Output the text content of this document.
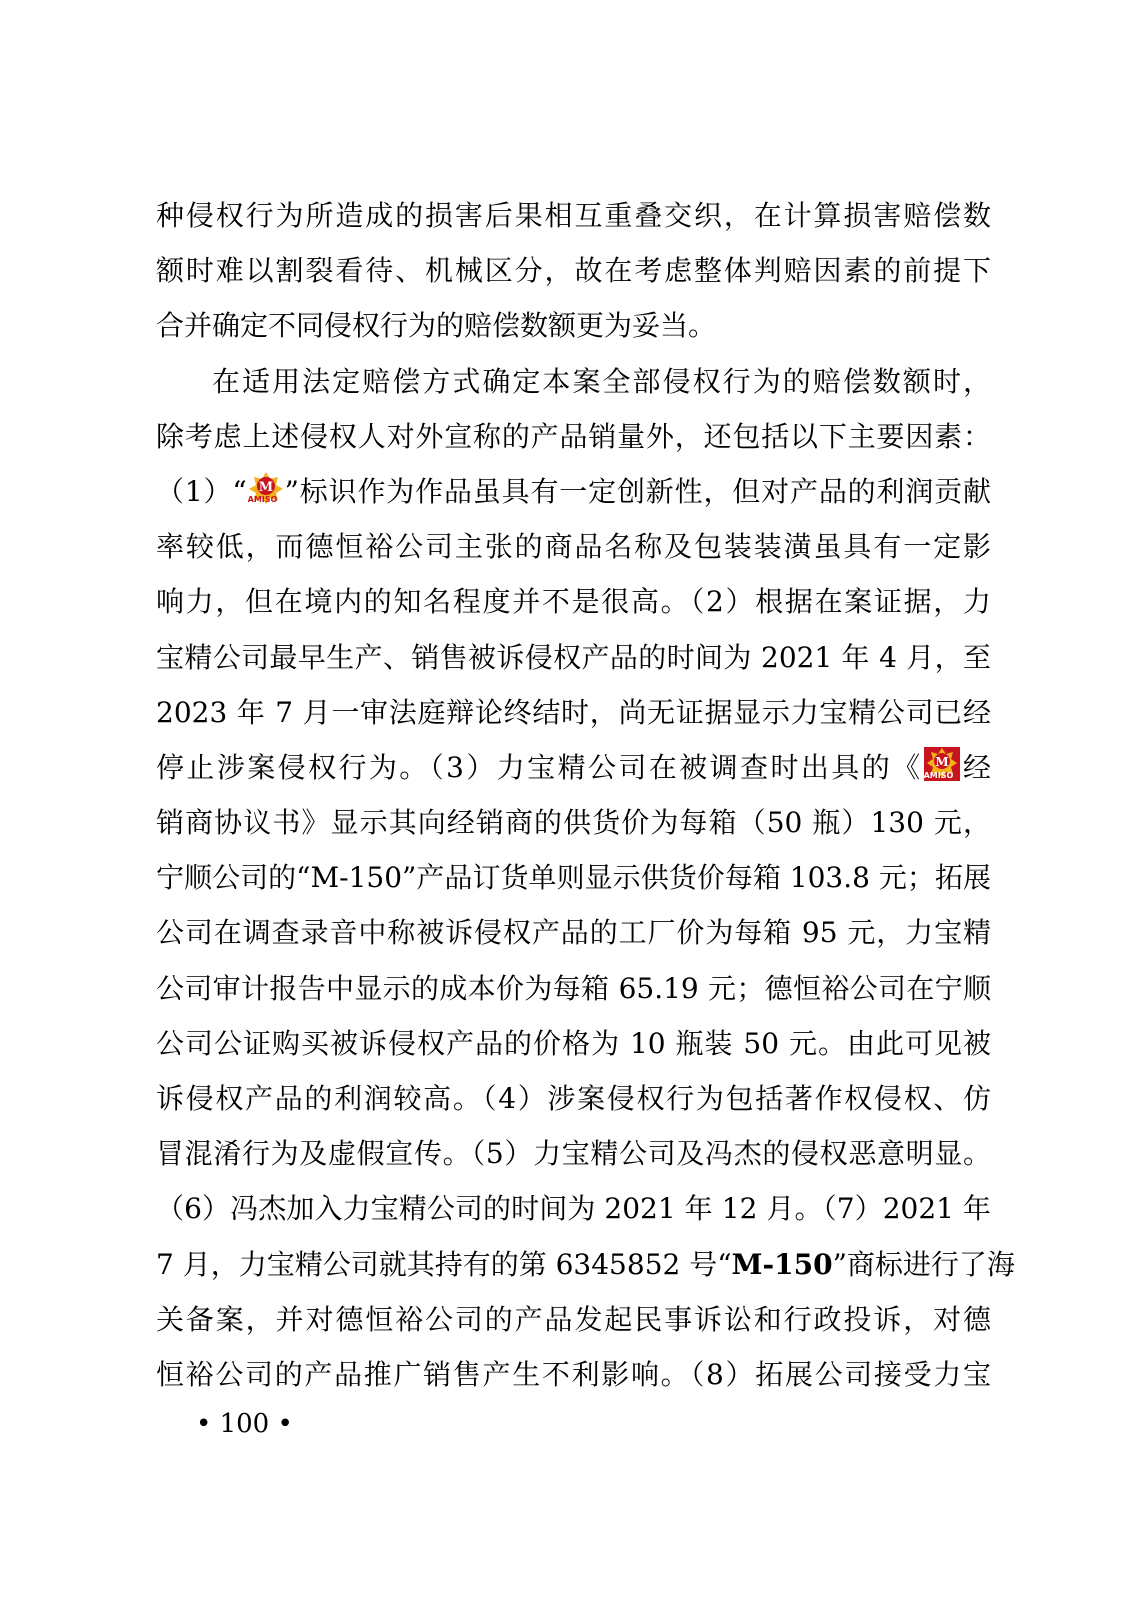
种侵权行为所造成的损害后果相互重叠交织，在计算损害赔偿数
额时难以割裂看待、机械区分，故在考虑整体判赔因素的前提下
合并确定不同侵权行为的赔偿数额更为妥当。
在适用法定赔偿方式确定本案全部侵权行为的赔偿数额时，
除考虑上述侵权人对外宣称的产品销量外，还包括以下主要因素：
（1）“ M
AMISO ”标识作为作品虽具有一定创新性，但对产品的利润贡献
率较低，而德恒裕公司主张的商品名称及包装装潢虽具有一定影
响力，但在境内的知名程度并不是很高。（2）根据在案证据，力
宝精公司最早生产、销售被诉侵权产品的时间为 2021 年 4 月，至
2023 年 7 月一审法庭辩论终结时，尚无证据显示力宝精公司已经
停止涉案侵权行为。（3）力宝精公司在被调查时出具的《 M
AMISO 经
销商协议书》显示其向经销商的供货价为每箱（50 瓶）130 元，
宁顺公司的“M-150”产品订货单则显示供货价每箱 103.8 元；拓展
公司在调查录音中称被诉侵权产品的工厂价为每箱 95 元，力宝精
公司审计报告中显示的成本价为每箱 65.19 元；德恒裕公司在宁顺
公司公证购买被诉侵权产品的价格为 10 瓶装 50 元。由此可见被
诉侵权产品的利润较高。（4）涉案侵权行为包括著作权侵权、仿
冒混淆行为及虚假宣传。（5）力宝精公司及冯杰的侵权恶意明显。
（6）冯杰加入力宝精公司的时间为 2021 年 12 月。（7）2021 年
7 月，力宝精公司就其持有的第 6345852 号“M-150”商标进行了海
关备案，并对德恒裕公司的产品发起民事诉讼和行政投诉，对德
恒裕公司的产品推广销售产生不利影响。（8）拓展公司接受力宝
• 100 •
